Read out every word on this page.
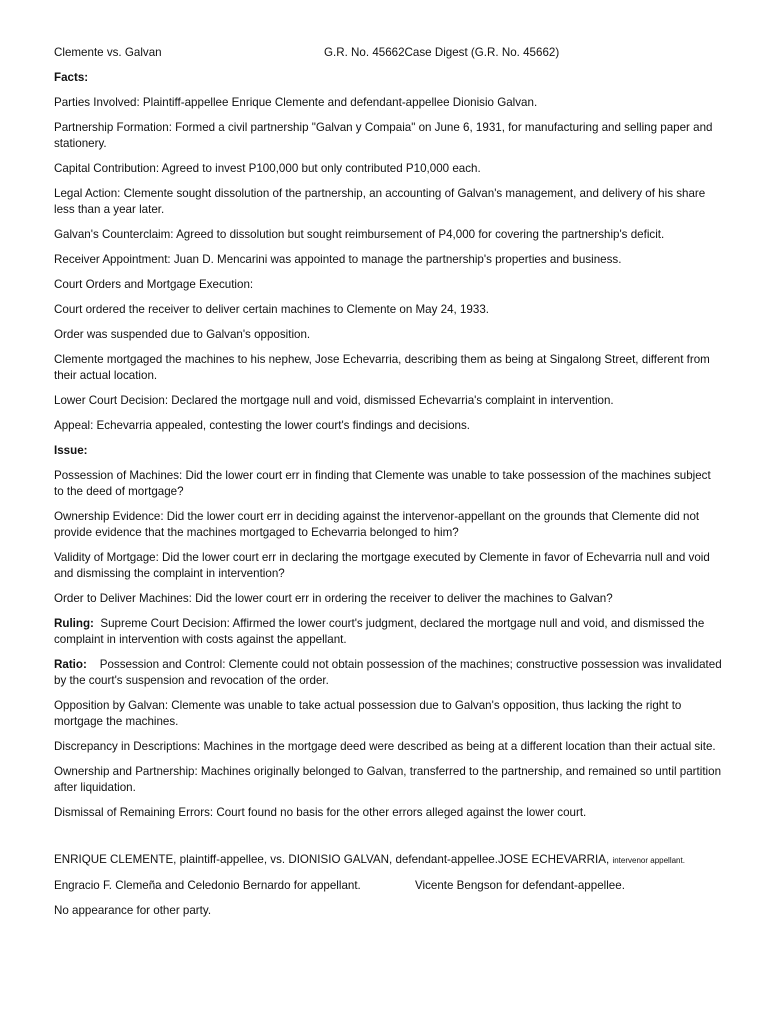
Clemente vs. Galvan	G.R. No. 45662Case Digest (G.R. No. 45662)

Facts:

Parties Involved: Plaintiff-appellee Enrique Clemente and defendant-appellee Dionisio Galvan.

Partnership Formation: Formed a civil partnership "Galvan y Compaia" on June 6, 1931, for manufacturing and selling paper and stationery.

Capital Contribution: Agreed to invest P100,000 but only contributed P10,000 each.

Legal Action: Clemente sought dissolution of the partnership, an accounting of Galvan's management, and delivery of his share less than a year later.

Galvan's Counterclaim: Agreed to dissolution but sought reimbursement of P4,000 for covering the partnership's deficit.

Receiver Appointment: Juan D. Mencarini was appointed to manage the partnership's properties and business.

Court Orders and Mortgage Execution:

Court ordered the receiver to deliver certain machines to Clemente on May 24, 1933.

Order was suspended due to Galvan's opposition.

Clemente mortgaged the machines to his nephew, Jose Echevarria, describing them as being at Singalong Street, different from their actual location.

Lower Court Decision: Declared the mortgage null and void, dismissed Echevarria's complaint in intervention.

Appeal: Echevarria appealed, contesting the lower court's findings and decisions.

Issue:

Possession of Machines: Did the lower court err in finding that Clemente was unable to take possession of the machines subject to the deed of mortgage?

Ownership Evidence: Did the lower court err in deciding against the intervenor-appellant on the grounds that Clemente did not provide evidence that the machines mortgaged to Echevarria belonged to him?

Validity of Mortgage: Did the lower court err in declaring the mortgage executed by Clemente in favor of Echevarria null and void and dismissing the complaint in intervention?

Order to Deliver Machines: Did the lower court err in ordering the receiver to deliver the machines to Galvan?

Ruling: Supreme Court Decision: Affirmed the lower court's judgment, declared the mortgage null and void, and dismissed the complaint in intervention with costs against the appellant.

Ratio: Possession and Control: Clemente could not obtain possession of the machines; constructive possession was invalidated by the court's suspension and revocation of the order.

Opposition by Galvan: Clemente was unable to take actual possession due to Galvan's opposition, thus lacking the right to mortgage the machines.

Discrepancy in Descriptions: Machines in the mortgage deed were described as being at a different location than their actual site.

Ownership and Partnership: Machines originally belonged to Galvan, transferred to the partnership, and remained so until partition after liquidation.

Dismissal of Remaining Errors: Court found no basis for the other errors alleged against the lower court.

ENRIQUE CLEMENTE, plaintiff-appellee, vs. DIONISIO GALVAN, defendant-appellee.JOSE ECHEVARRIA, intervenor appellant.

Engracio F. Clemeña and Celedonio Bernardo for appellant.	Vicente Bengson for defendant-appellee.

No appearance for other party.
